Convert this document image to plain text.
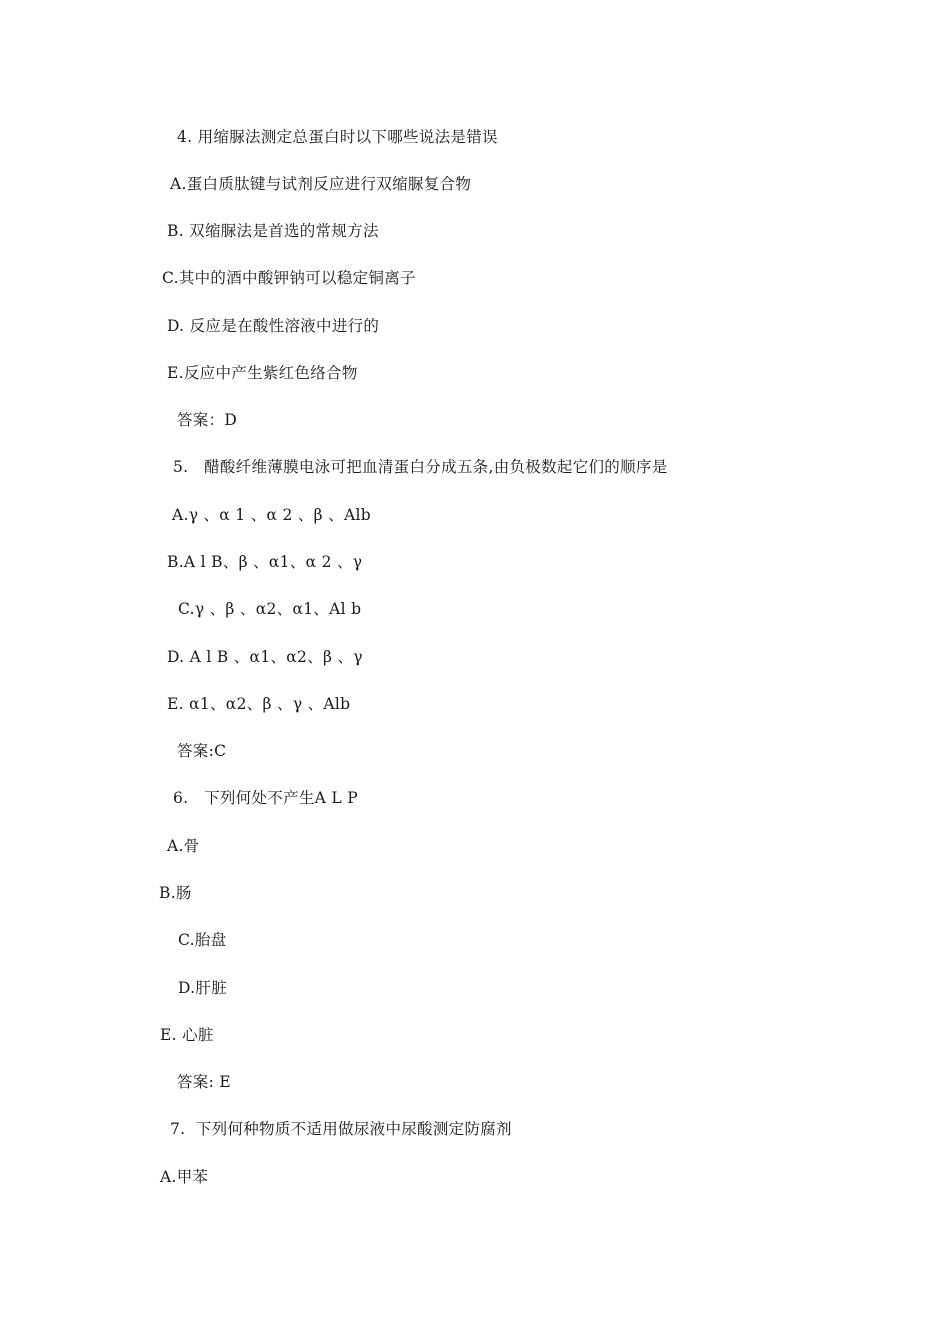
4. 用缩脲法测定总蛋白时以下哪些说法是错误
A.蛋白质肽键与试剂反应进行双缩脲复合物
B. 双缩脲法是首选的常规方法
C.其中的酒中酸钾钠可以稳定铜离子
D. 反应是在酸性溶液中进行的
E.反应中产生紫红色络合物
答案：D
5.   醋酸纤维薄膜电泳可把血清蛋白分成五条,由负极数起它们的顺序是
A.γ 、α 1 、α 2 、β 、Alb
B.A l B、β 、α1、α 2 、γ
C.γ 、β 、α2、α1、Al b
D. A l B 、α1、α2、β 、γ
E. α1、α2、β 、γ 、Alb
答案:C
6.   下列何处不产生A L P
A.骨
B.肠
C.胎盘
D.肝脏
E. 心脏
答案: E
7.  下列何种物质不适用做尿液中尿酸测定防腐剂
A.甲苯
